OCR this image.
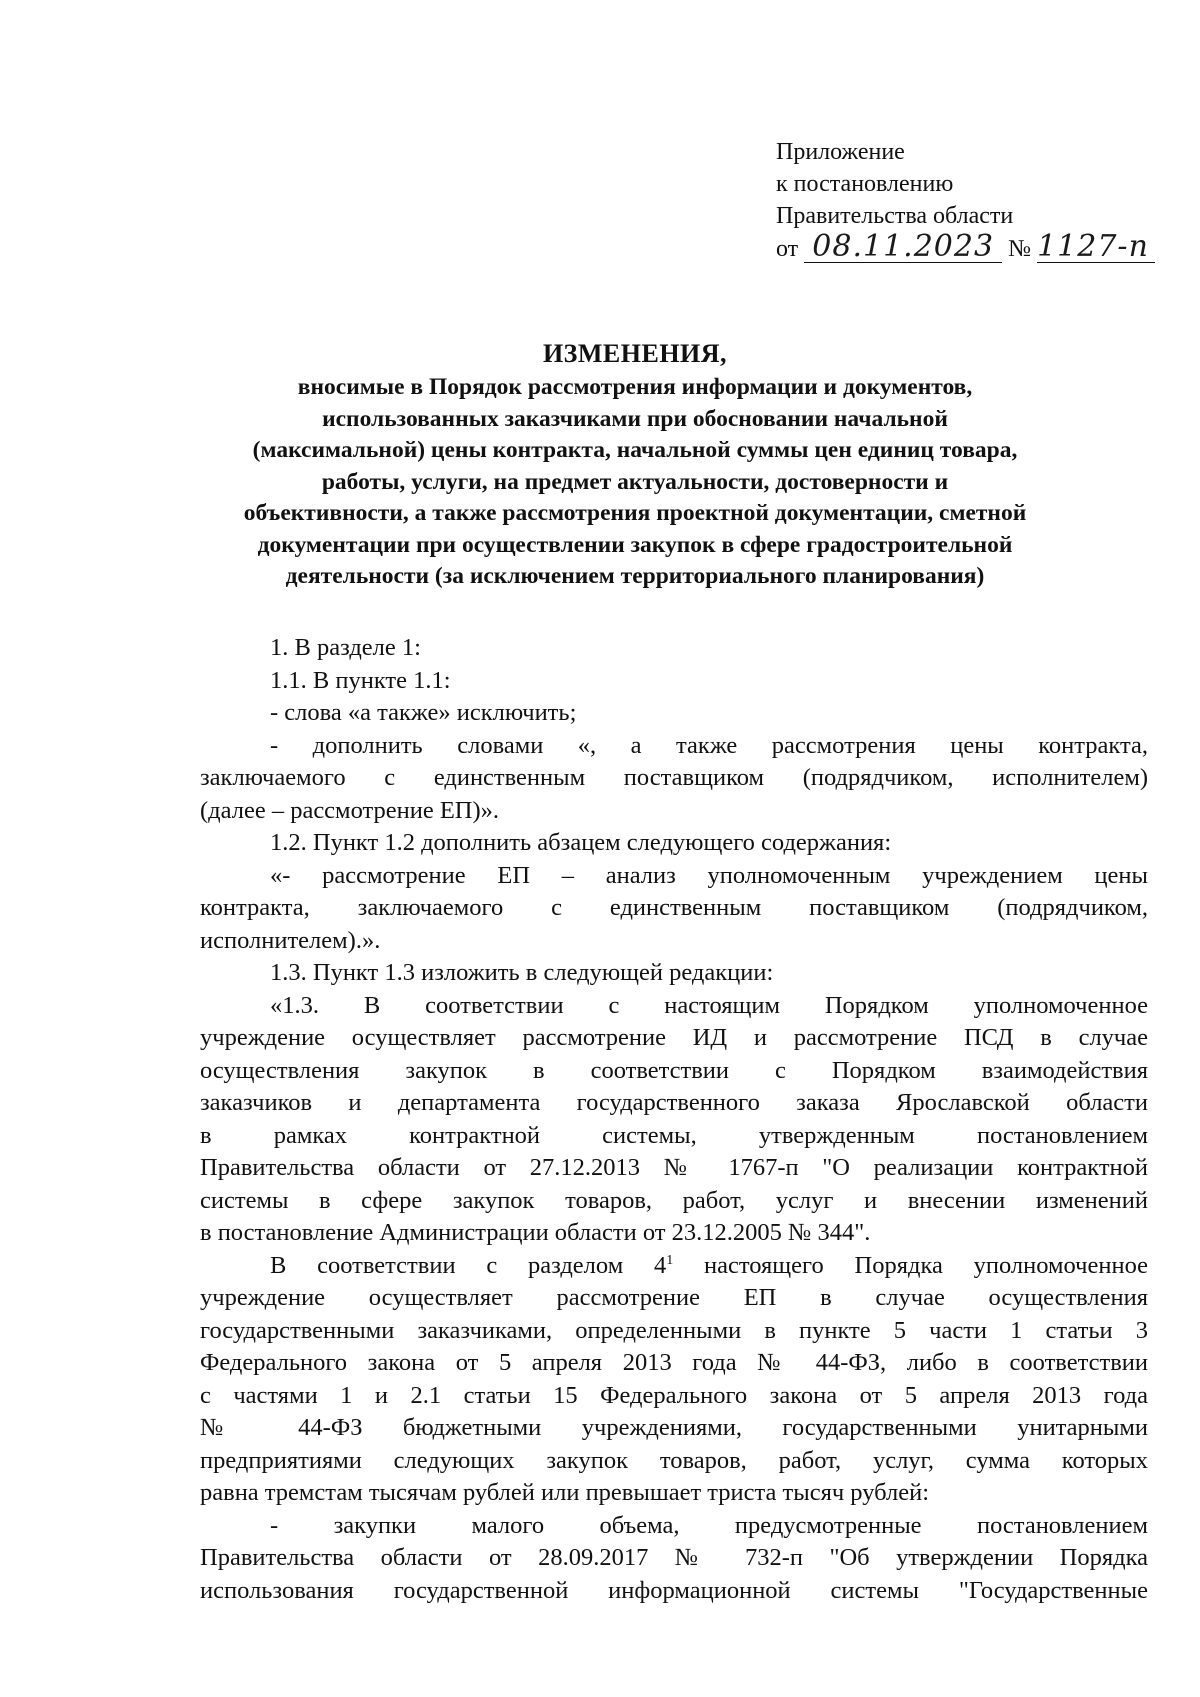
Приложение
к постановлению
Правительства области
от 08.11.2023 № 1127-п
ИЗМЕНЕНИЯ,
вносимые в Порядок рассмотрения информации и документов,
использованных заказчиками при обосновании начальной
(максимальной) цены контракта, начальной суммы цен единиц товара,
работы, услуги, на предмет актуальности, достоверности и
объективности, а также рассмотрения проектной документации, сметной
документации при осуществлении закупок в сфере градостроительной
деятельности (за исключением территориального планирования)
1. В разделе 1:
1.1. В пункте 1.1:
- слова «а также» исключить;
- дополнить словами «, а также рассмотрения цены контракта,
заключаемого с единственным поставщиком (подрядчиком, исполнителем)
(далее – рассмотрение ЕП)».
1.2. Пункт 1.2 дополнить абзацем следующего содержания:
«- рассмотрение ЕП – анализ уполномоченным учреждением цены
контракта, заключаемого с единственным поставщиком (подрядчиком,
исполнителем).».
1.3. Пункт 1.3 изложить в следующей редакции:
«1.3. В соответствии с настоящим Порядком уполномоченное
учреждение осуществляет рассмотрение ИД и рассмотрение ПСД в случае
осуществления закупок в соответствии с Порядком взаимодействия
заказчиков и департамента государственного заказа Ярославской области
в рамках контрактной системы, утвержденным постановлением
Правительства области от 27.12.2013 № 1767-п "О реализации контрактной
системы в сфере закупок товаров, работ, услуг и внесении изменений
в постановление Администрации области от 23.12.2005 № 344".
В соответствии с разделом $4^1$ настоящего Порядка уполномоченное
учреждение осуществляет рассмотрение ЕП в случае осуществления
государственными заказчиками, определенными в пункте 5 части 1 статьи 3
Федерального закона от 5 апреля 2013 года № 44-ФЗ, либо в соответствии
с частями 1 и 2.1 статьи 15 Федерального закона от 5 апреля 2013 года
№ 44-ФЗ бюджетными учреждениями, государственными унитарными
предприятиями следующих закупок товаров, работ, услуг, сумма которых
равна тремстам тысячам рублей или превышает триста тысяч рублей:
- закупки малого объема, предусмотренные постановлением
Правительства области от 28.09.2017 № 732-п "Об утверждении Порядка
использования государственной информационной системы "Государственные
